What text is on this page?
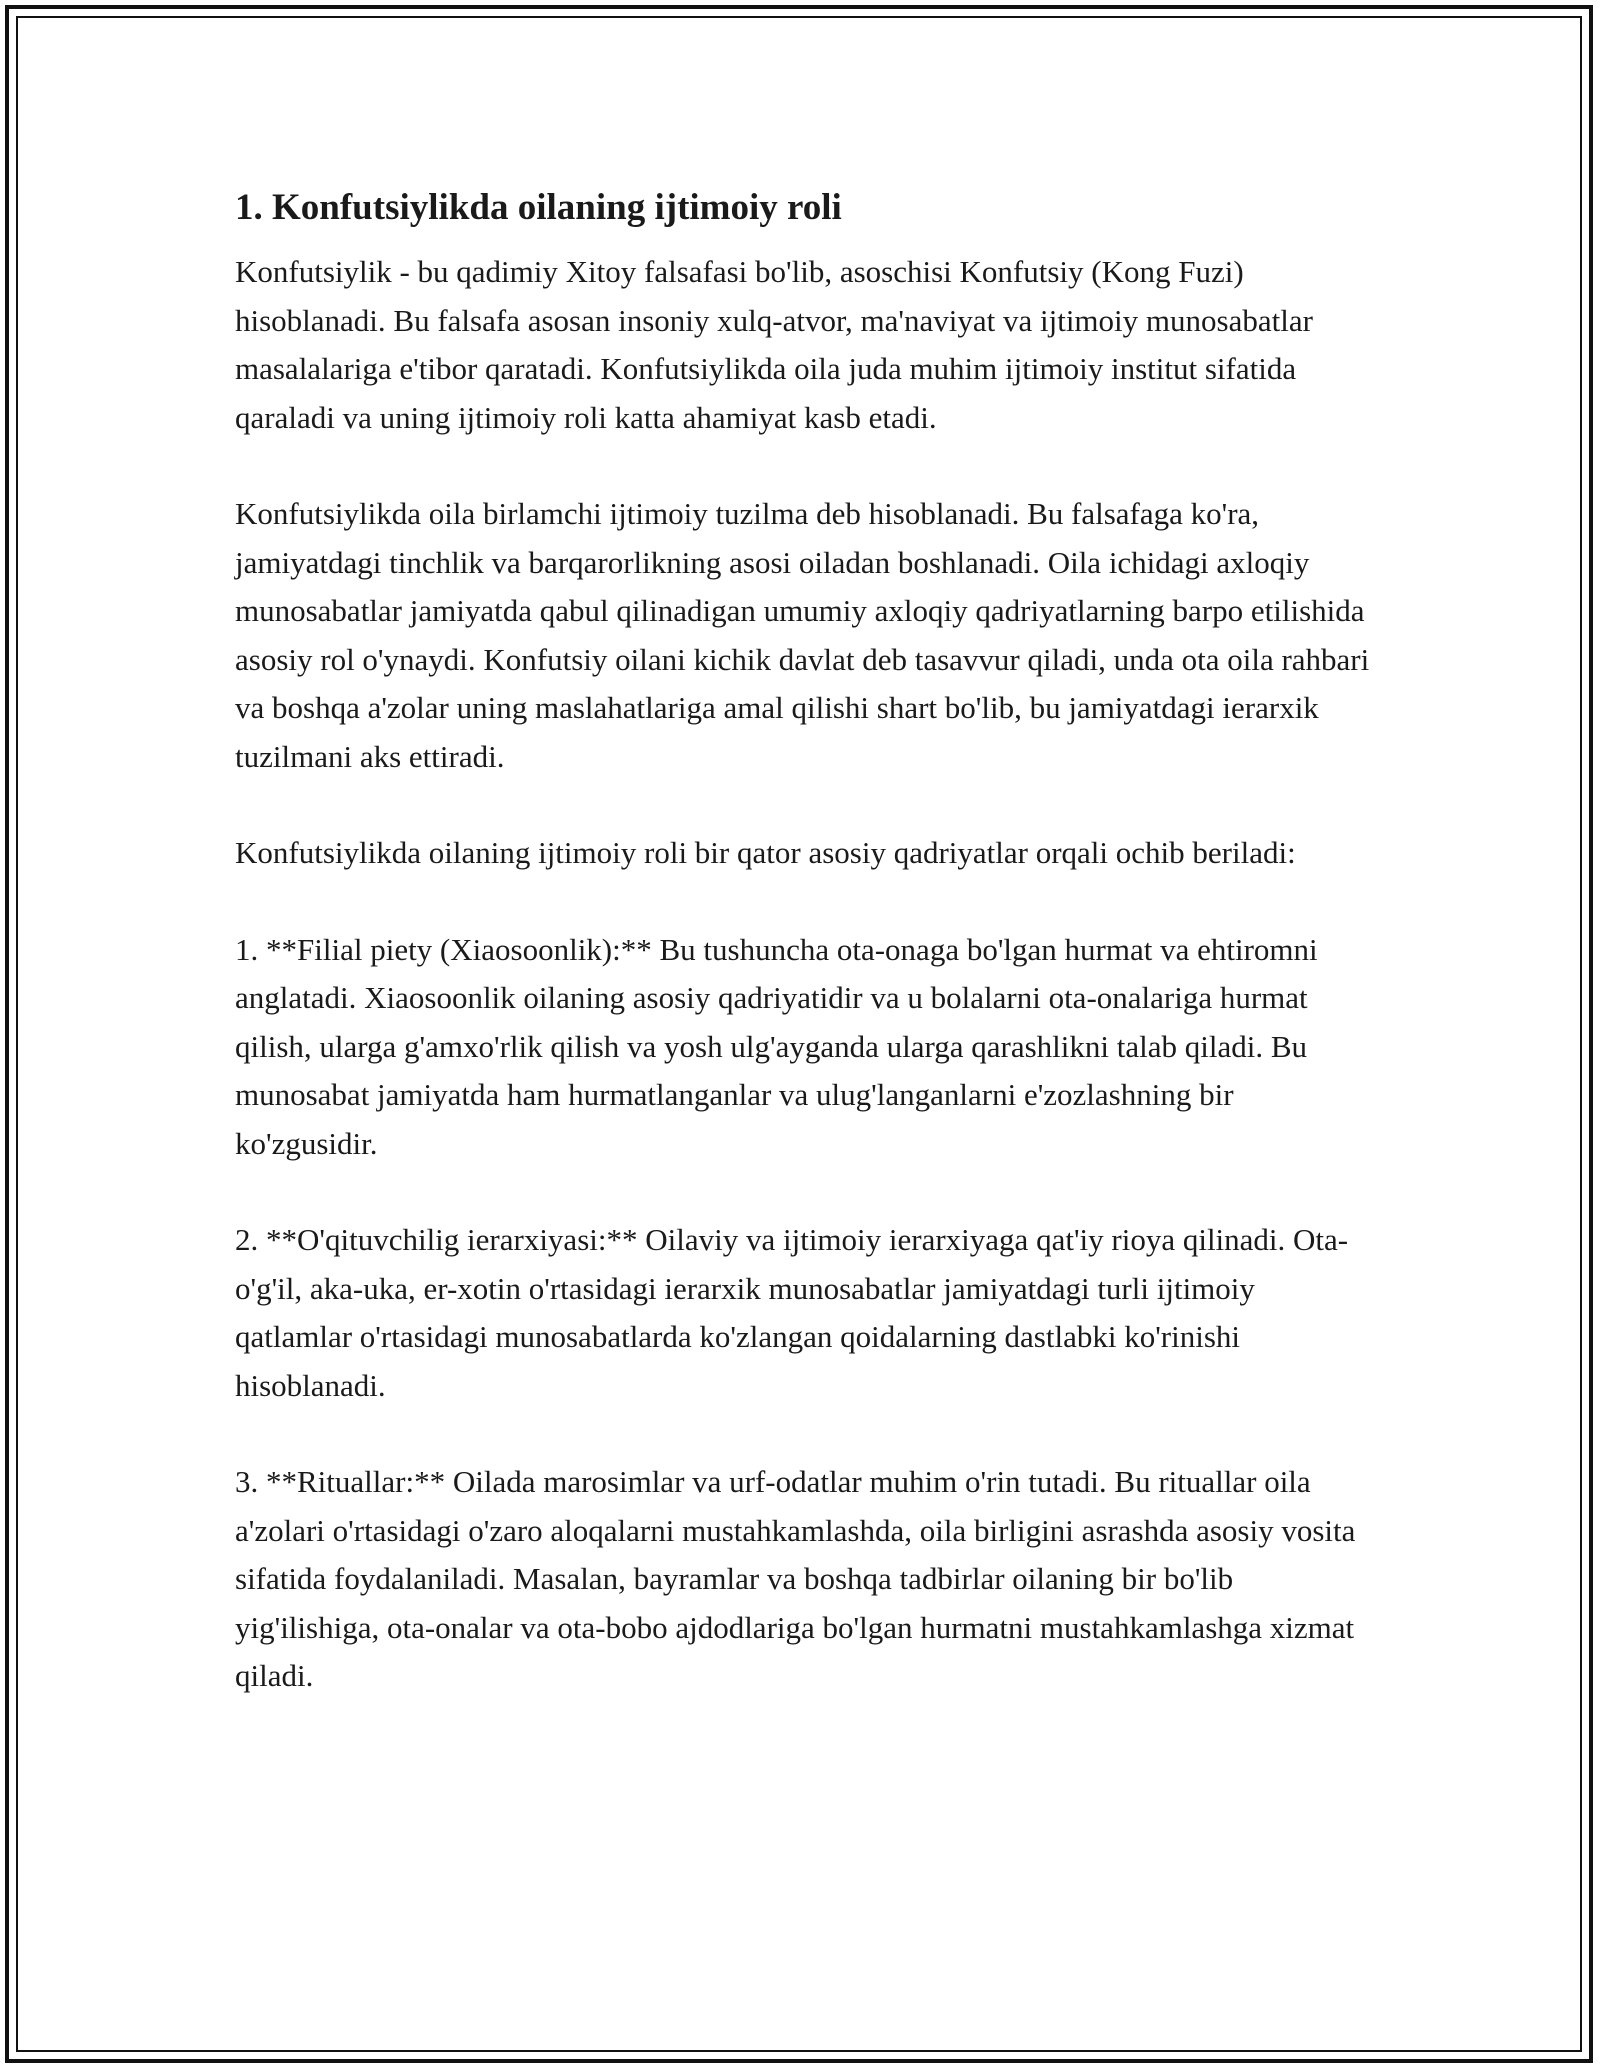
1. Konfutsiylikda oilaning ijtimoiy roli

Konfutsiylik - bu qadimiy Xitoy falsafasi bo'lib, asoschisi Konfutsiy (Kong Fuzi) hisoblanadi. Bu falsafa asosan insoniy xulq-atvor, ma'naviyat va ijtimoiy munosabatlar masalalariga e'tibor qaratadi. Konfutsiylikda oila juda muhim ijtimoiy institut sifatida qaraladi va uning ijtimoiy roli katta ahamiyat kasb etadi.

Konfutsiylikda oila birlamchi ijtimoiy tuzilma deb hisoblanadi. Bu falsafaga ko'ra, jamiyatdagi tinchlik va barqarorlikning asosi oiladan boshlanadi. Oila ichidagi axloqiy munosabatlar jamiyatda qabul qilinadigan umumiy axloqiy qadriyatlarning barpo etilishida asosiy rol o'ynaydi. Konfutsiy oilani kichik davlat deb tasavvur qiladi, unda ota oila rahbari va boshqa a'zolar uning maslahatlariga amal qilishi shart bo'lib, bu jamiyatdagi ierarxik tuzilmani aks ettiradi.

Konfutsiylikda oilaning ijtimoiy roli bir qator asosiy qadriyatlar orqali ochib beriladi:

1. **Filial piety (Xiaosoonlik):** Bu tushuncha ota-onaga bo'lgan hurmat va ehtiromni anglatadi. Xiaosoonlik oilaning asosiy qadriyatidir va u bolalarni ota-onalariga hurmat qilish, ularga g'amxo'rlik qilish va yosh ulg'ayganda ularga qarashlikni talab qiladi. Bu munosabat jamiyatda ham hurmatlanganlar va ulug'langanlarni e'zozlashning bir ko'zgusidir.

2. **O'qituvchilig ierarxiyasi:** Oilaviy va ijtimoiy ierarxiyaga qat'iy rioya qilinadi. Ota-o'g'il, aka-uka, er-xotin o'rtasidagi ierarxik munosabatlar jamiyatdagi turli ijtimoiy qatlamlar o'rtasidagi munosabatlarda ko'zlangan qoidalarning dastlabki ko'rinishi hisoblanadi.

3. **Rituallar:** Oilada marosimlar va urf-odatlar muhim o'rin tutadi. Bu rituallar oila a'zolari o'rtasidagi o'zaro aloqalarni mustahkamlashda, oila birligini asrashda asosiy vosita sifatida foydalaniladi. Masalan, bayramlar va boshqa tadbirlar oilaning bir bo'lib yig'ilishiga, ota-onalar va ota-bobo ajdodlariga bo'lgan hurmatni mustahkamlashga xizmat qiladi.
